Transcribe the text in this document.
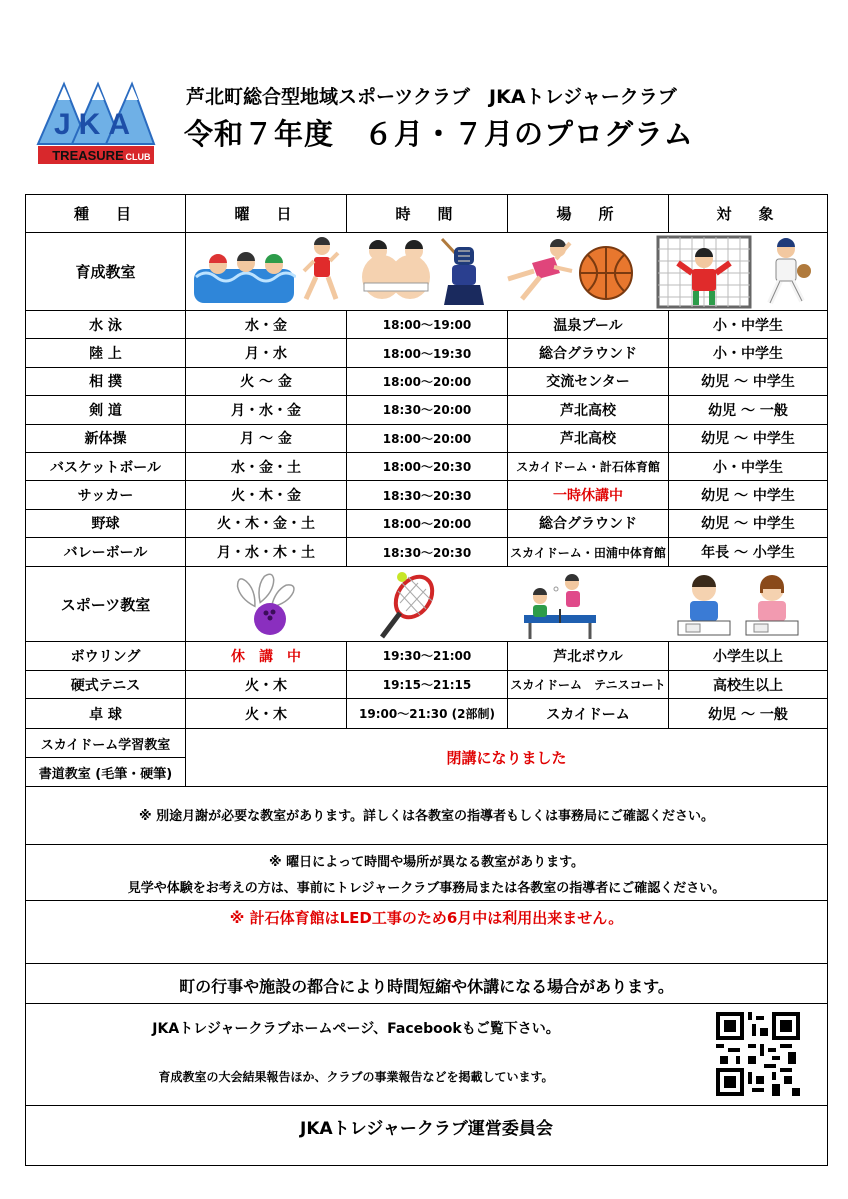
JKA
TREASURE CLUB
芦北町総合型地域スポーツクラブ　JKAトレジャークラブ
令和７年度　６月・７月のプログラム
種　目	曜　日	時　間	場　所	対　象
育成教室
水 泳	水・金	18:00～19:00	温泉プール	小・中学生
陸 上	月・水	18:00～19:30	総合グラウンド	小・中学生
相 撲	火 ～ 金	18:00～20:00	交流センター	幼児 ～ 中学生
剣 道	月・水・金	18:30～20:00	芦北高校	幼児 ～ 一般
新体操	月 ～ 金	18:00～20:00	芦北高校	幼児 ～ 中学生
バスケットボール	水・金・土	18:00～20:30	スカイドーム・計石体育館	小・中学生
サッカー	火・木・金	18:30～20:30	一時休講中	幼児 ～ 中学生
野球	火・木・金・土	18:00～20:00	総合グラウンド	幼児 ～ 中学生
バレーボール	月・水・木・土	18:30～20:30	スカイドーム・田浦中体育館	年長 ～ 小学生
スポーツ教室
ボウリング	休　講　中	19:30～21:00	芦北ボウル	小学生以上
硬式テニス	火・木	19:15～21:15	スカイドーム　テニスコート	高校生以上
卓 球	火・木	19:00～21:30 (2部制)	スカイドーム	幼児 ～ 一般
スカイドーム学習教室
書道教室 (毛筆・硬筆)
閉講になりました
※ 別途月謝が必要な教室があります。詳しくは各教室の指導者もしくは事務局にご確認ください。
※ 曜日によって時間や場所が異なる教室があります。
見学や体験をお考えの方は、事前にトレジャークラブ事務局または各教室の指導者にご確認ください。
※ 計石体育館はLED工事のため6月中は利用出来ません。
町の行事や施設の都合により時間短縮や休講になる場合があります。
JKAトレジャークラブホームページ、Facebookもご覧下さい。
育成教室の大会結果報告ほか、クラブの事業報告などを掲載しています。
JKAトレジャークラブ運営委員会
